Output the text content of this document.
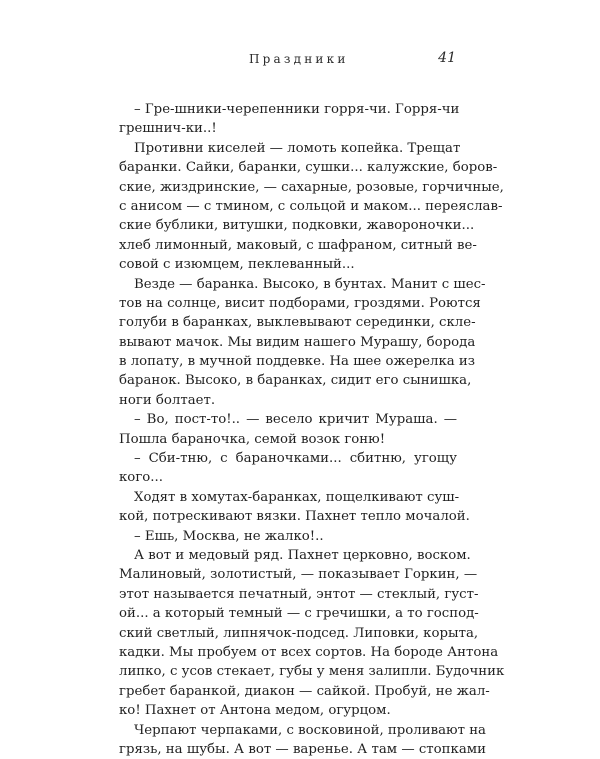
Праздники	41
– Гре-шники-черепенники горря-чи. Горря-чи
грешнич-ки..!
Противни киселей — ломоть копейка. Трещат
баранки. Сайки, баранки, сушки... калужские, боров-
ские, жиздринские, — сахарные, розовые, горчичные,
с анисом — с тмином, с сольцой и маком... переяслав-
ские бублики, витушки, подковки, жавороночки...
хлеб лимонный, маковый, с шафраном, ситный ве-
совой с изюмцем, пеклеванный...
Везде — баранка. Высоко, в бунтах. Манит с шес-
тов на солнце, висит подборами, гроздями. Роются
голуби в баранках, выклевывают серединки, скле-
вывают мачок. Мы видим нашего Мурашу, борода
в лопату, в мучной поддевке. На шее ожерелка из
баранок. Высоко, в баранках, сидит его сынишка,
ноги болтает.
– Во, пост-то!.. — весело кричит Мураша. —
Пошла бараночка, семой возок гоню!
– Сби-тню, с бараночками... сбитню, угощу
кого...
Ходят в хомутах-баранках, пощелкивают суш-
кой, потрескивают вязки. Пахнет тепло мочалой.
– Ешь, Москва, не жалко!..
А вот и медовый ряд. Пахнет церковно, воском.
Малиновый, золотистый, — показывает Горкин, —
этот называется печатный, энтот — стеклый, густ-
ой... а который темный — с гречишки, а то господ-
ский светлый, липнячок-подсед. Липовки, корыта,
кадки. Мы пробуем от всех сортов. На бороде Антона
липко, с усов стекает, губы у меня залипли. Будочник
гребет баранкой, диакон — сайкой. Пробуй, не жал-
ко! Пахнет от Антона медом, огурцом.
Черпают черпаками, с восковиной, проливают на
грязь, на шубы. А вот — варенье. А там — стопками
